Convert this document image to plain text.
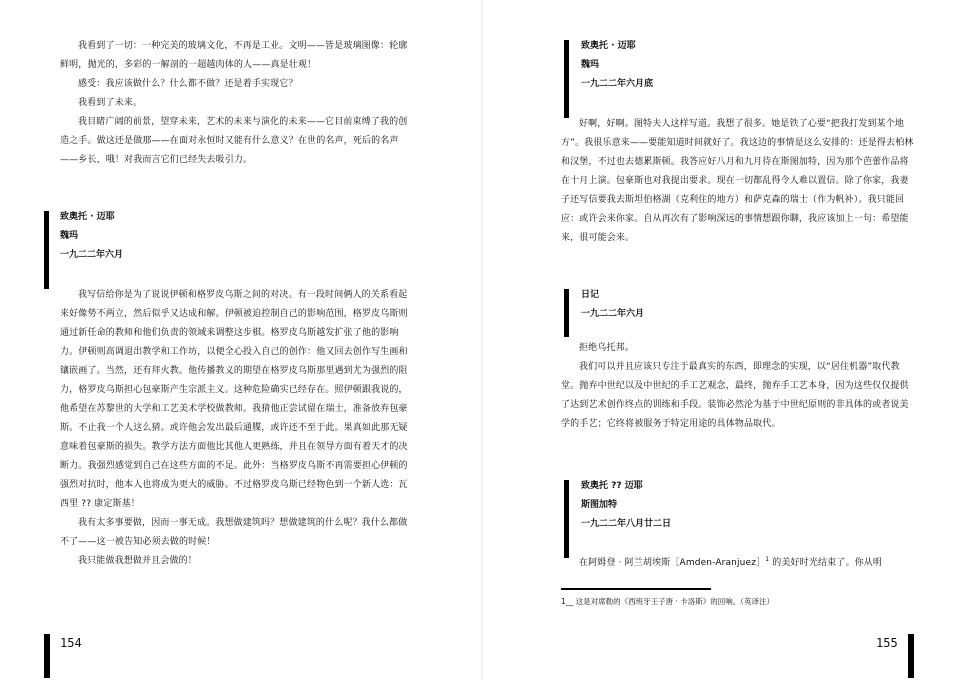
我看到了一切：一种完美的玻璃文化，不再是工业。文明——皆是玻璃图像：轮廓鲜明，抛光的，多彩的一解剖的一超越肉体的人——真是壮观！

感受：我应该做什么？什么都不做？还是着手实现它？

我看到了未来。

我目睹广阔的前景，望穿未来，艺术的未来与演化的未来——它目前束缚了我的创造之手。做这还是做那——在面对永恒时又能有什么意义？在世的名声，死后的名声——乡长，哦！对我而言它们已经失去吸引力。

致奥托 · 迈耶

魏玛

一九二二年六月

我写信给你是为了说说伊顿和格罗皮乌斯之间的对决。有一段时间俩人的关系看起来好像势不两立，然后似乎又达成和解。伊顿被迫控制自己的影响范围，格罗皮乌斯则通过新任命的教师和他们负责的领域来调整这步棋。格罗皮乌斯越发扩张了他的影响力。伊顿则高调退出教学和工作坊，以便全心投入自己的创作：他又回去创作写生画和镶嵌画了。当然，还有拜火教。他传播教义的期望在格罗皮乌斯那里遇到尤为强烈的阻力，格罗皮乌斯担心包豪斯产生宗派主义。这种危险确实已经存在。照伊顿跟我说的，他希望在苏黎世的大学和工艺美术学校做教师。我猜他正尝试留在瑞士，准备放弃包豪斯。不止我一个人这么猜。或许他会发出最后通牒，或许还不至于此。果真如此那无疑意味着包豪斯的损失。教学方法方面他比其他人更熟练，并且在领导方面有着天才的决断力。我强烈感觉到自己在这些方面的不足。此外：当格罗皮乌斯不再需要担心伊顿的强烈对抗时，他本人也将成为更大的威胁。不过格罗皮乌斯已经物色到一个新人选：瓦西里 ?? 康定斯基！

我有太多事要做，因而一事无成。我想做建筑吗？想做建筑的什么呢？我什么都做不了——这一被告知必须去做的时候！

我只能做我想做并且会做的！

154

致奥托 · 迈耶

魏玛

一九二二年六月底

好啊，好啊。图特夫人这样写道。我想了很多。她是铁了心要“把我打发到某个地方”。我很乐意来——要能知道时间就好了。我这边的事情是这么安排的：还是得去柏林和汉堡，不过也去德累斯顿。我答应好八月和九月待在斯图加特，因为那个芭蕾作品将在十月上演。包豪斯也对我提出要求。现在一切都乱得令人难以置信。除了你家，我妻子还写信要我去斯坦伯格湖（克利住的地方）和萨克森的瑞士（作为帆补）。我只能回应：或许会来你家。自从再次有了影响深远的事情想跟你聊，我应该加上一句：希望能来，很可能会来。

日记

一九二二年六月

拒绝乌托邦。

我们可以并且应该只专注于最真实的东西，即理念的实现，以“居住机器”取代教堂。抛弃中世纪以及中世纪的手工艺观念，最终，抛弃手工艺本身，因为这些仅仅提供了达到艺术创作终点的训练和手段。装饰必然沦为基于中世纪原则的非具体的或者说美学的手艺；它终将被服务于特定用途的具体物品取代。

致奥托 ?? 迈耶

斯图加特

一九二二年八月廿二日

在阿姆登 · 阿兰胡埃斯［Amden-Aranjuez］$^1$ 的美好时光结束了。你从明

1__ 这是对席勒的《西班牙王子唐 · 卡洛斯》的回响。（英译注）

155
